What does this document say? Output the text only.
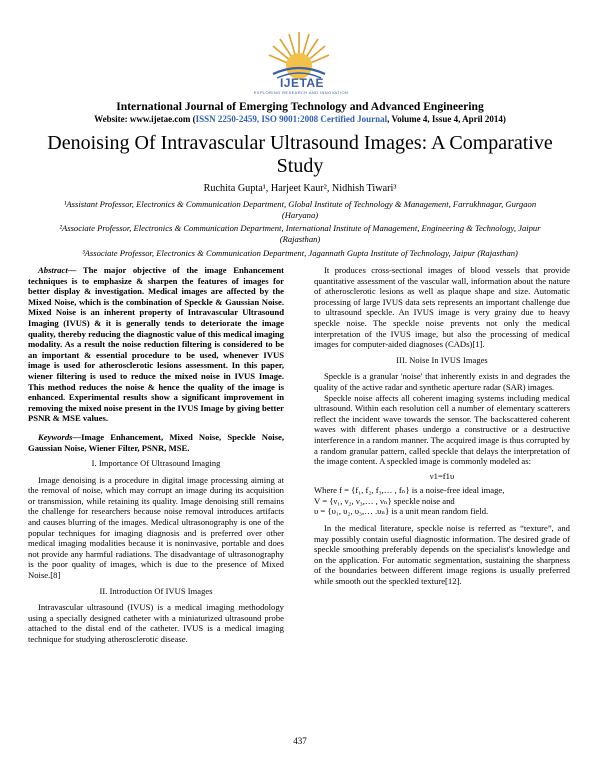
IJETAE
EXPLORING RESEARCH AND INNOVATION
International Journal of Emerging Technology and Advanced Engineering
Website: www.ijetae.com (ISSN 2250-2459, ISO 9001:2008 Certified Journal, Volume 4, Issue 4, April 2014)
Denoising Of Intravascular Ultrasound Images: A Comparative Study
Ruchita Gupta¹, Harjeet Kaur², Nidhish Tiwari³
¹Assistant Professor, Electronics & Communication Department, Global Institute of Technology & Management, Farrukhnagar, Gurgaon (Haryana)
²Associate Professor, Electronics & Communication Department, International Institute of Management, Engineering & Technology, Jaipur (Rajasthan)
³Associate Professor, Electronics & Communication Department, Jagannath Gupta Institute of Technology, Jaipur (Rajasthan)

Abstract— The major objective of the image Enhancement techniques is to emphasize & sharpen the features of images for better display & investigation. Medical images are affected by the Mixed Noise, which is the combination of Speckle & Gaussian Noise. Mixed Noise is an inherent property of Intravascular Ultrasound Imaging (IVUS) & it is generally tends to deteriorate the image quality, thereby reducing the diagnostic value of this medical imaging modality. As a result the noise reduction filtering is considered to be an important & essential procedure to be used, whenever IVUS image is used for atherosclerotic lesions assessment. In this paper, wiener filtering is used to reduce the mixed noise in IVUS Image. This method reduces the noise & hence the quality of the image is enhanced. Experimental results show a significant improvement in removing the mixed noise present in the IVUS Image by giving better PSNR & MSE values.

Keywords—Image Enhancement, Mixed Noise, Speckle Noise, Gaussian Noise, Wiener Filter, PSNR, MSE.

I. Importance Of Ultrasound Imaging

Image denoising is a procedure in digital image processing aiming at the removal of noise, which may corrupt an image during its acquisition or transmission, while retaining its quality. Image denoising still remains the challenge for researchers because noise removal introduces artifacts and causes blurring of the images. Medical ultrasonography is one of the popular techniques for imaging diagnosis and is preferred over other medical imaging modalities because it is noninvasive, portable and does not provide any harmful radiations. The disadvantage of ultrasonography is the poor quality of images, which is due to the presence of Mixed Noise.[8]

II. Introduction Of IVUS Images

Intravascular ultrasound (IVUS) is a medical imaging methodology using a specially designed catheter with a miniaturized ultrasound probe attached to the distal end of the catheter. IVUS is a medical imaging technique for studying atherosclerotic disease.

It produces cross-sectional images of blood vessels that provide quantitative assessment of the vascular wall, information about the nature of atherosclerotic lesions as well as plaque shape and size. Automatic processing of large IVUS data sets represents an important challenge due to ultrasound speckle. An IVUS image is very grainy due to heavy speckle noise. The speckle noise prevents not only the medical interpretation of the IVUS image, but also the processing of medical images for computer-aided diagnoses (CADs)[1].

III. Noise In IVUS Images

Speckle is a granular 'noise' that inherently exists in and degrades the quality of the active radar and synthetic aperture radar (SAR) images.

Speckle noise affects all coherent imaging systems including medical ultrasound. Within each resolution cell a number of elementary scatterers reflect the incident wave towards the sensor. The backscattered coherent waves with different phases undergo a constructive or a destructive interference in a random manner. The acquired image is thus corrupted by a random granular pattern, called speckle that delays the interpretation of the image content. A speckled image is commonly modeled as:

ν1=f1υ

Where f = {f₁, f₂, f₃,… , fₙ} is a noise-free ideal image,

V = {ν₁, ν₂, ν₃,… , νₙ} speckle noise and

υ = {υ₁, υ₂, υ₃,… .υₙ} is a unit mean random field.

In the medical literature, speckle noise is referred as “texture”, and may possibly contain useful diagnostic information. The desired grade of speckle smoothing preferably depends on the specialist's knowledge and on the application. For automatic segmentation, sustaining the sharpness of the boundaries between different image regions is usually preferred while smooth out the speckled texture[12].

437
